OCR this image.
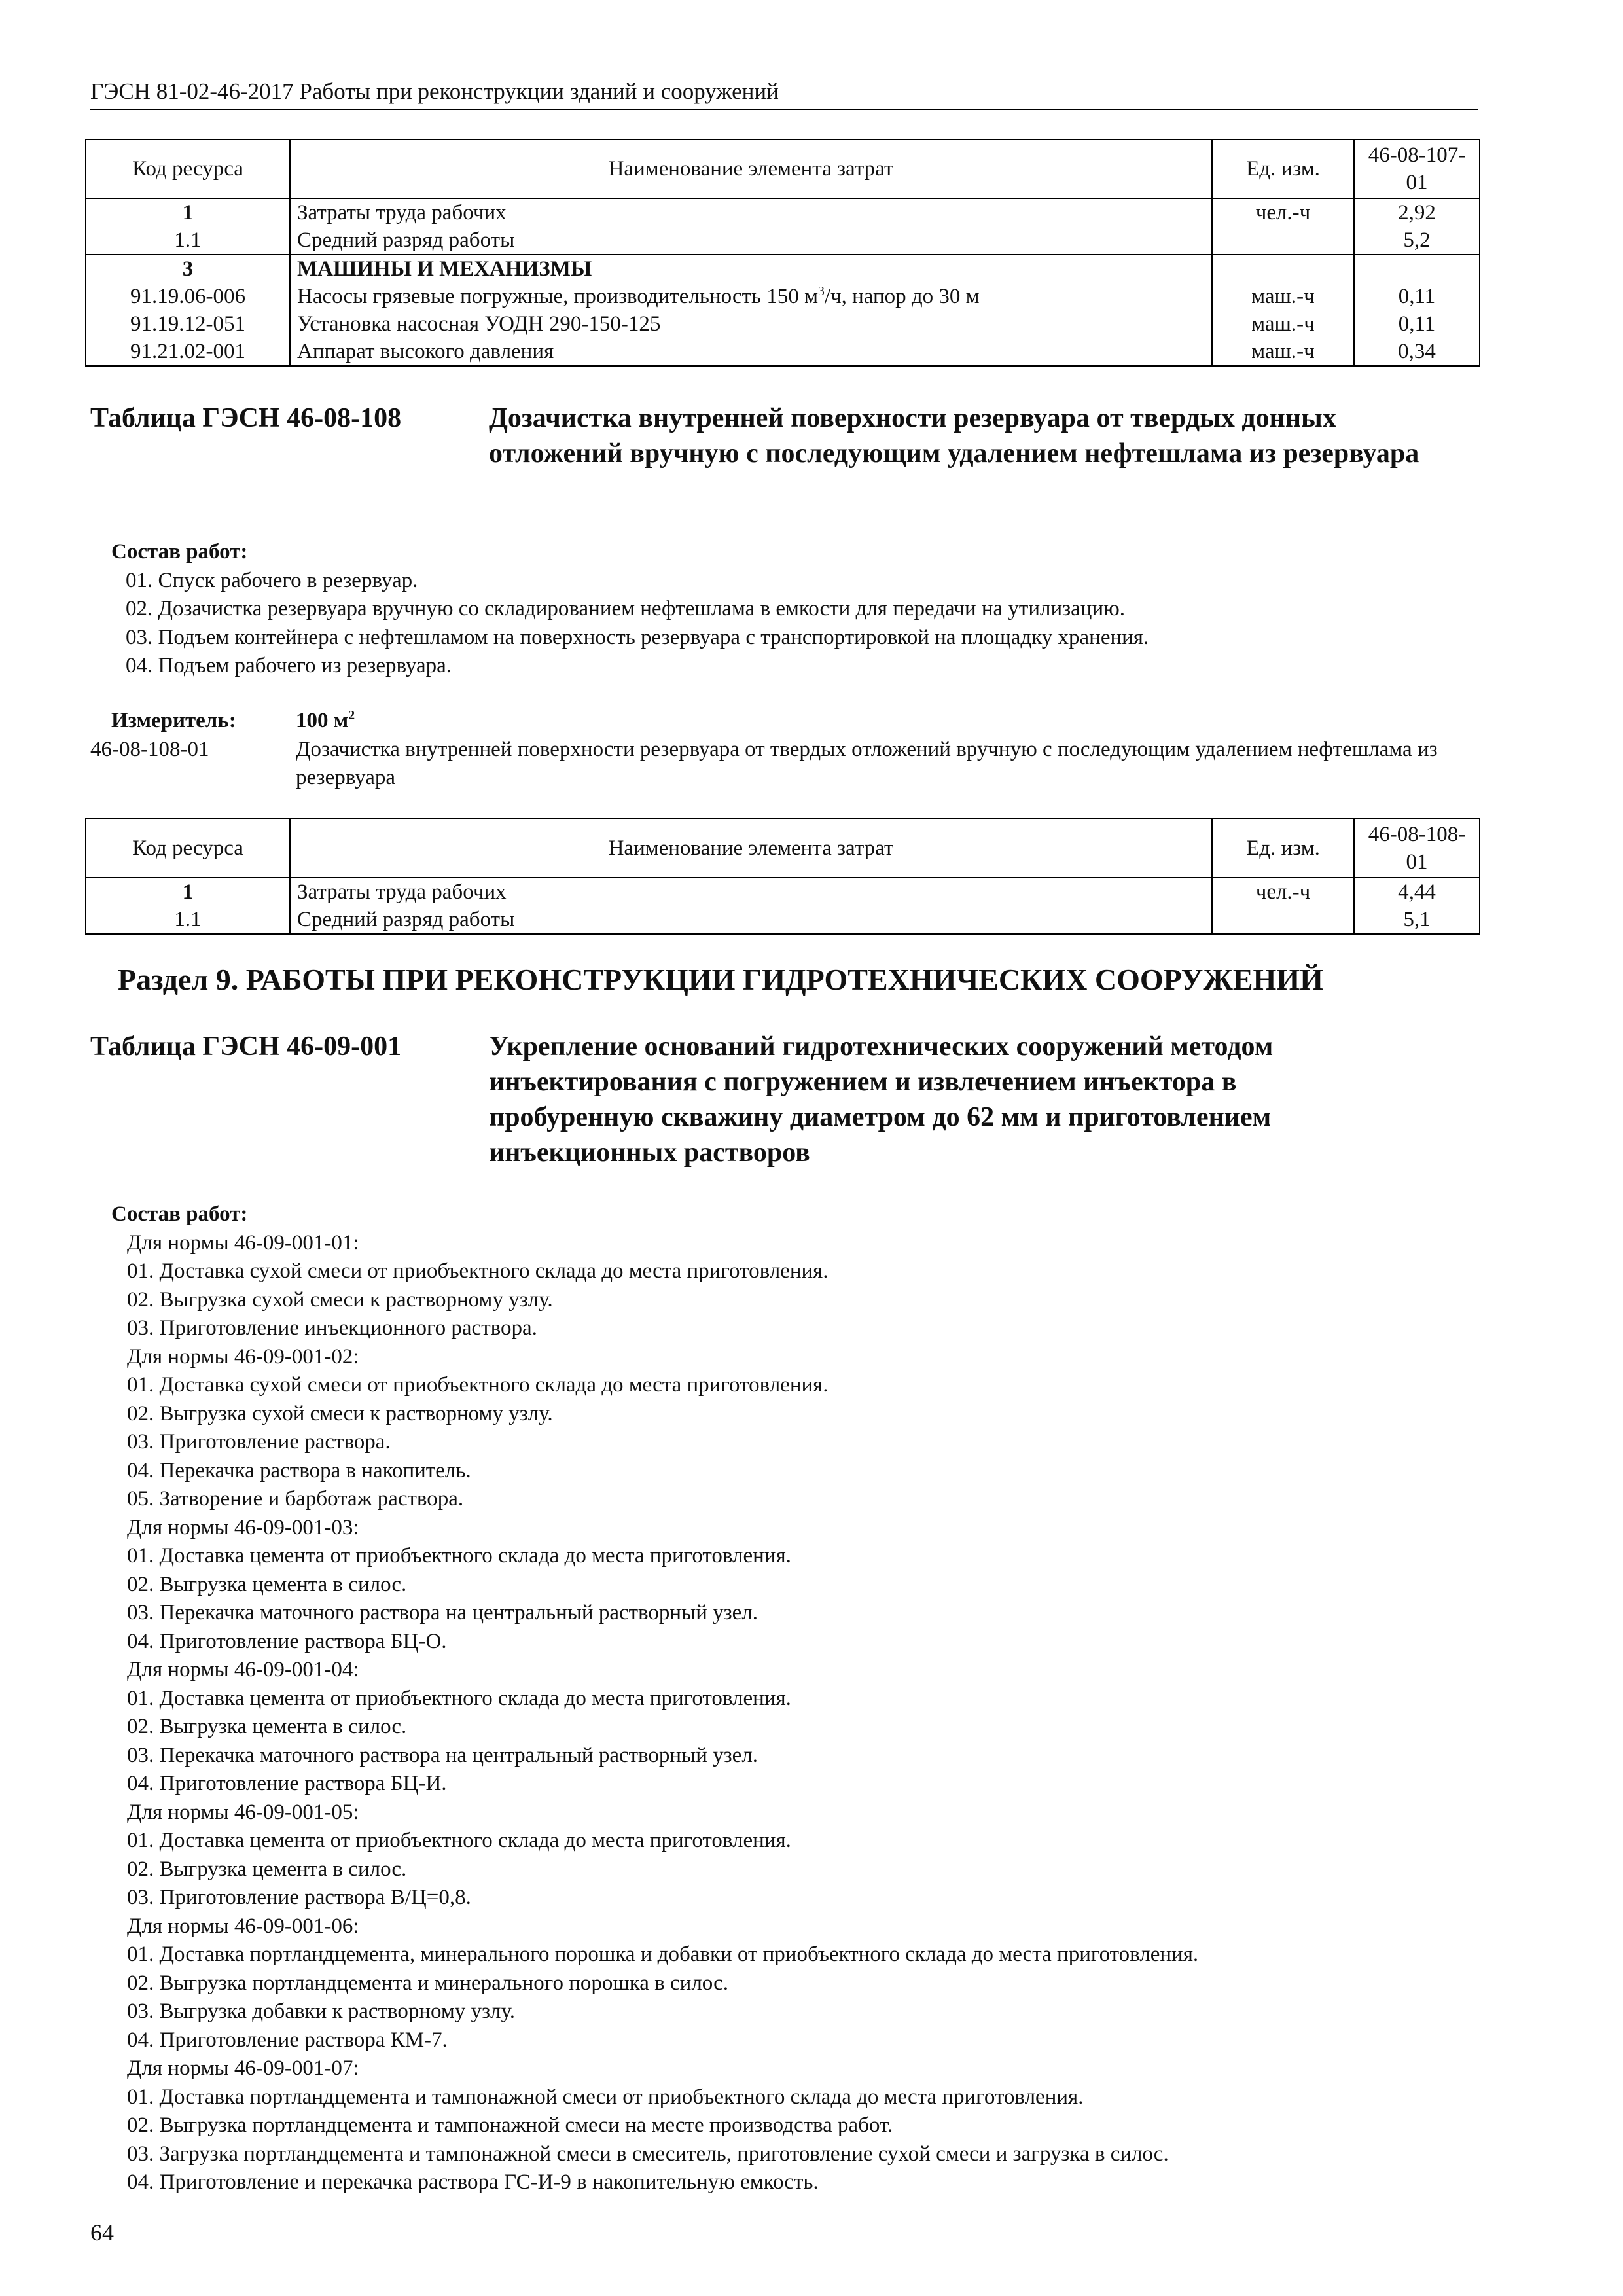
ГЭСН 81-02-46-2017 Работы при реконструкции зданий и сооружений
Код ресурса	Наименование элемента затрат	Ед. изм.	46-08-107-01
1	Затраты труда рабочих	чел.-ч	2,92
1.1	Средний разряд работы		5,2
3	МАШИНЫ И МЕХАНИЗМЫ		
91.19.06-006	Насосы грязевые погружные, производительность 150 $м^3/ч$, напор до 30 м	маш.-ч	0,11
91.19.12-051	Установка насосная УОДН 290-150-125	маш.-ч	0,11
91.21.02-001	Аппарат высокого давления	маш.-ч	0,34
Таблица ГЭСН 46-08-108	Дозачистка внутренней поверхности резервуара от твердых донных отложений вручную с последующим удалением нефтешлама из резервуара
Состав работ:
01. Спуск рабочего в резервуар.
02. Дозачистка резервуара вручную со складированием нефтешлама в емкости для передачи на утилизацию.
03. Подъем контейнера с нефтешламом на поверхность резервуара с транспортировкой на площадку хранения.
04. Подъем рабочего из резервуара.
Измеритель:	100 $м^2$
46-08-108-01	Дозачистка внутренней поверхности резервуара от твердых отложений вручную с последующим удалением нефтешлама из резервуара
Код ресурса	Наименование элемента затрат	Ед. изм.	46-08-108-01
1	Затраты труда рабочих	чел.-ч	4,44
1.1	Средний разряд работы		5,1
Раздел 9. РАБОТЫ ПРИ РЕКОНСТРУКЦИИ ГИДРОТЕХНИЧЕСКИХ СООРУЖЕНИЙ
Таблица ГЭСН 46-09-001	Укрепление оснований гидротехнических сооружений методом инъектирования с погружением и извлечением инъектора в пробуренную скважину диаметром до 62 мм и приготовлением инъекционных растворов
Состав работ:
Для нормы 46-09-001-01:
01. Доставка сухой смеси от приобъектного склада до места приготовления.
02. Выгрузка сухой смеси к растворному узлу.
03. Приготовление инъекционного раствора.
Для нормы 46-09-001-02:
01. Доставка сухой смеси от приобъектного склада до места приготовления.
02. Выгрузка сухой смеси к растворному узлу.
03. Приготовление раствора.
04. Перекачка раствора в накопитель.
05. Затворение и барботаж раствора.
Для нормы 46-09-001-03:
01. Доставка цемента от приобъектного склада до места приготовления.
02. Выгрузка цемента в силос.
03. Перекачка маточного раствора на центральный растворный узел.
04. Приготовление раствора БЦ-О.
Для нормы 46-09-001-04:
01. Доставка цемента от приобъектного склада до места приготовления.
02. Выгрузка цемента в силос.
03. Перекачка маточного раствора на центральный растворный узел.
04. Приготовление раствора БЦ-И.
Для нормы 46-09-001-05:
01. Доставка цемента от приобъектного склада до места приготовления.
02. Выгрузка цемента в силос.
03. Приготовление раствора В/Ц=0,8.
Для нормы 46-09-001-06:
01. Доставка портландцемента, минерального порошка и добавки от приобъектного склада до места приготовления.
02. Выгрузка портландцемента и минерального порошка в силос.
03. Выгрузка добавки к растворному узлу.
04. Приготовление раствора КМ-7.
Для нормы 46-09-001-07:
01. Доставка портландцемента и тампонажной смеси от приобъектного склада до места приготовления.
02. Выгрузка портландцемента и тампонажной смеси на месте производства работ.
03. Загрузка портландцемента и тампонажной смеси в смеситель, приготовление сухой смеси и загрузка в силос.
04. Приготовление и перекачка раствора ГС-И-9 в накопительную емкость.
64
